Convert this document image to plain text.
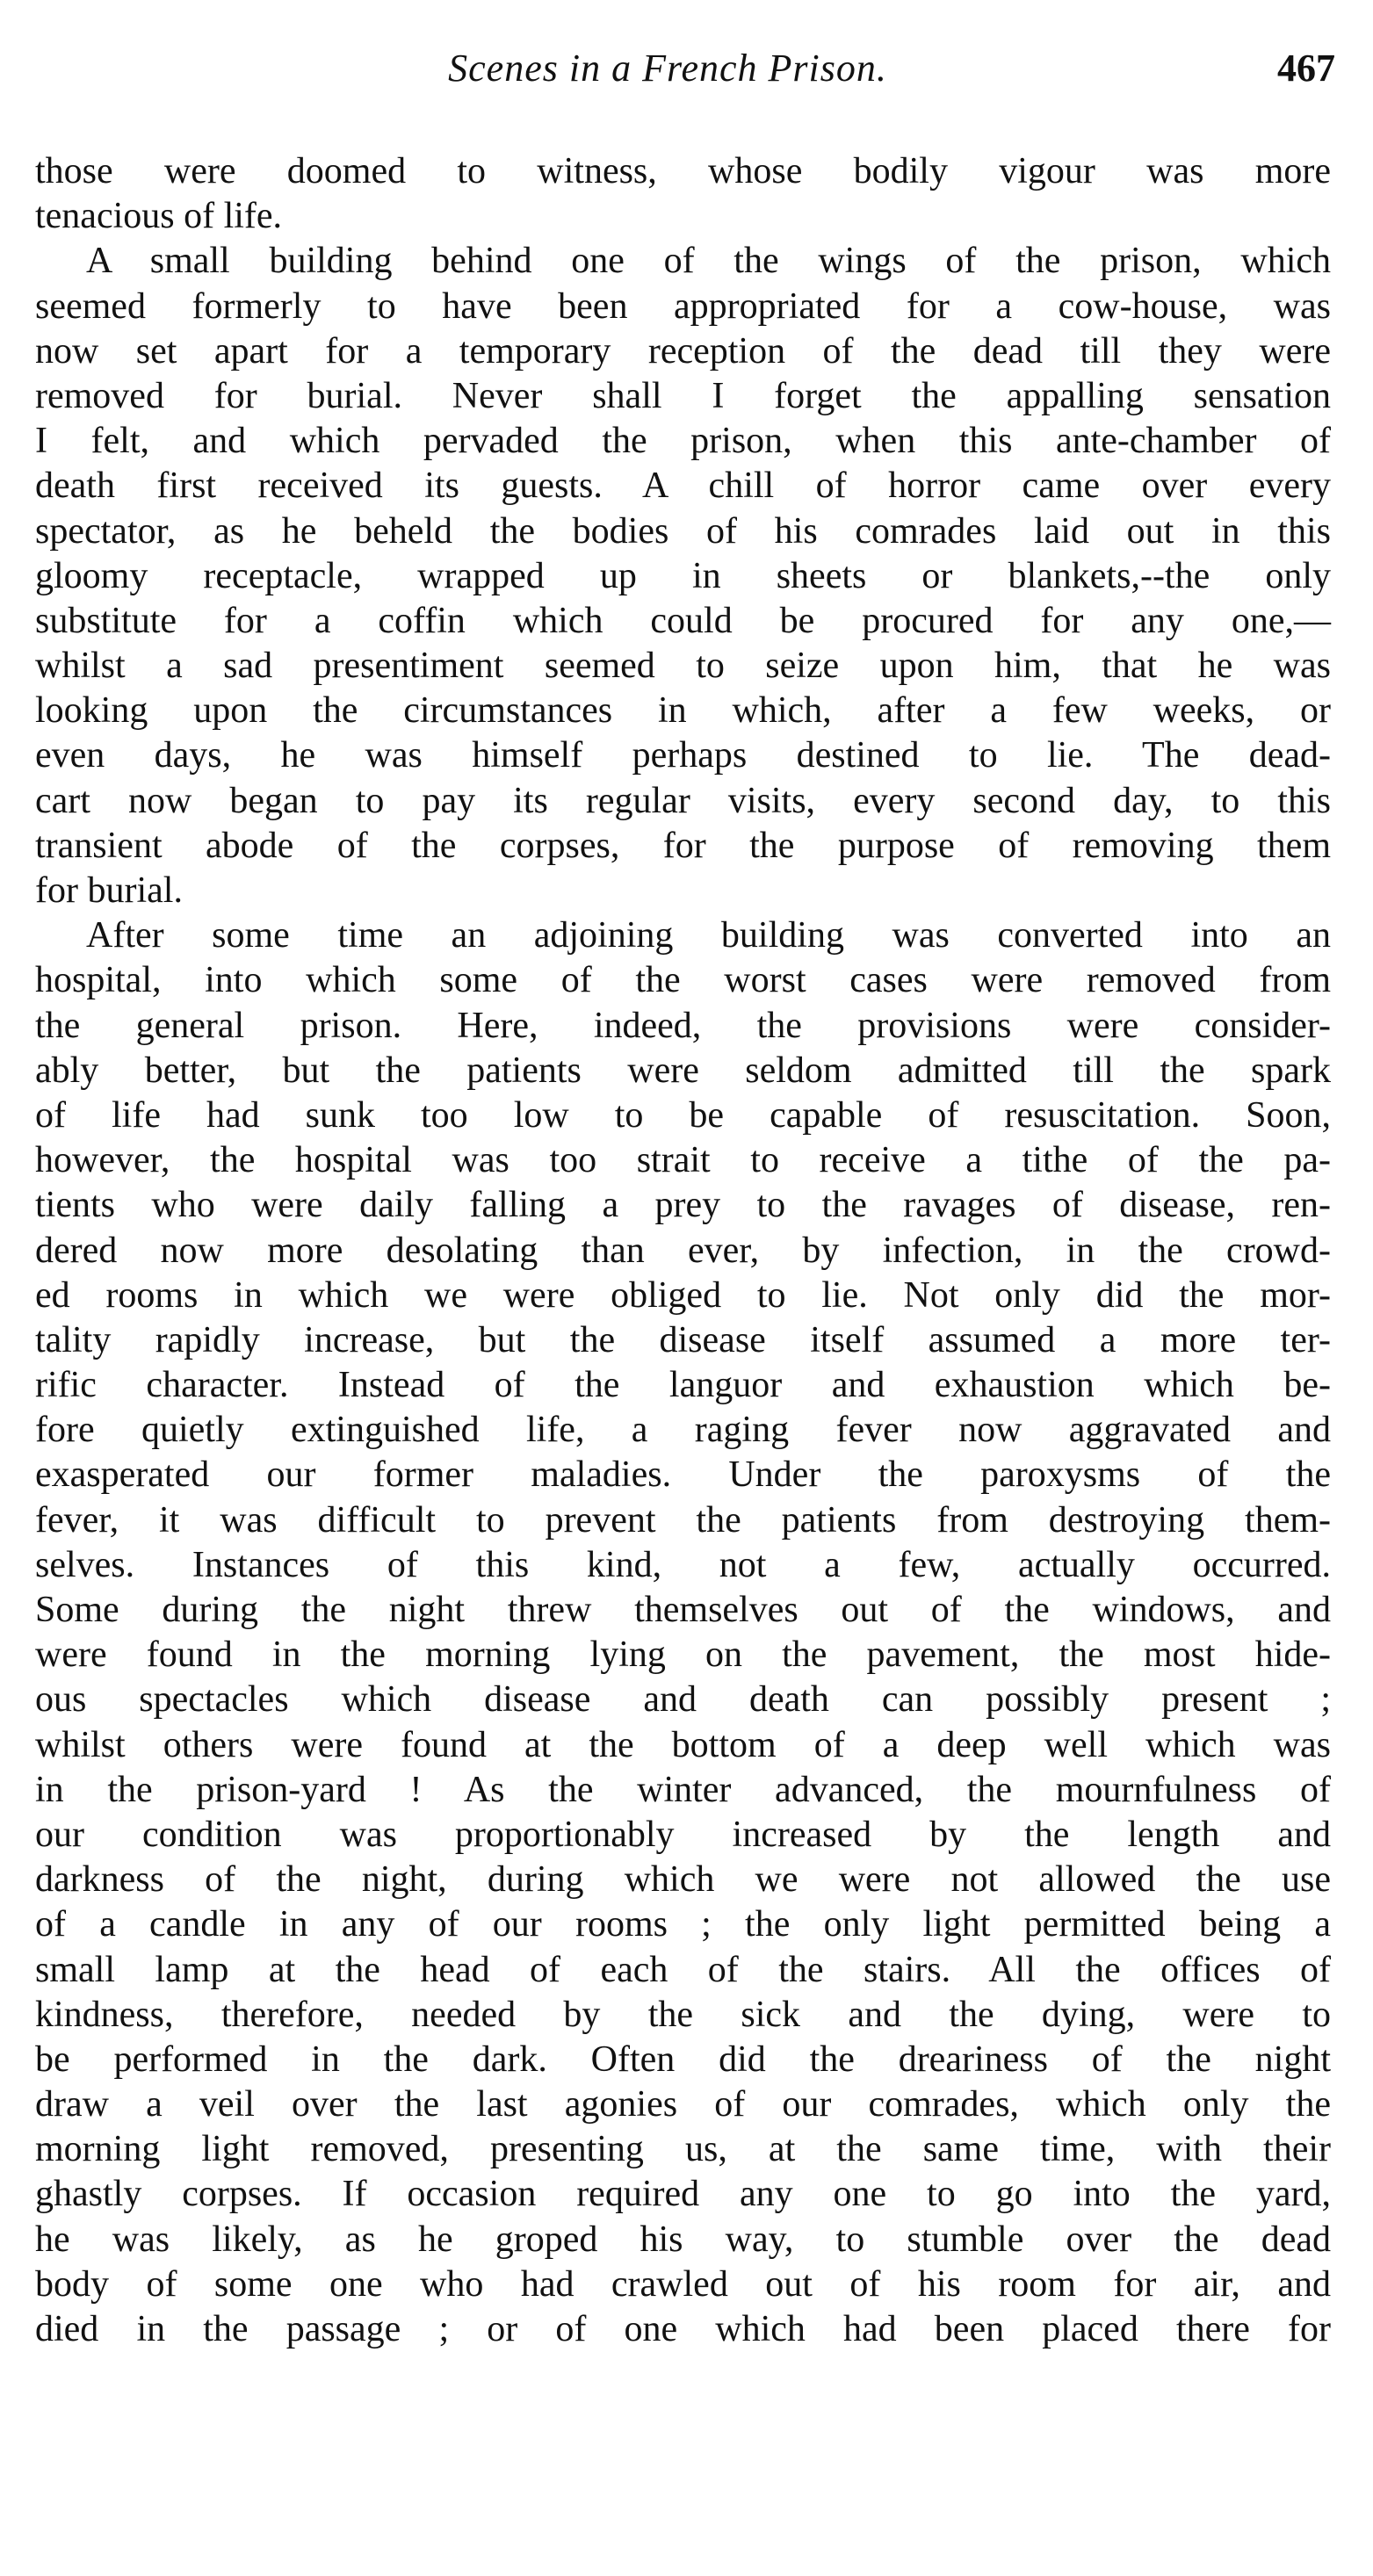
Scenes in a French Prison.	467
those were doomed to witness, whose bodily vigour was more
tenacious of life.
A small building behind one of the wings of the prison, which
seemed formerly to have been appropriated for a cow-house, was
now set apart for a temporary reception of the dead till they were
removed for burial. Never shall I forget the appalling sensation
I felt, and which pervaded the prison, when this ante-chamber of
death first received its guests. A chill of horror came over every
spectator, as he beheld the bodies of his comrades laid out in this
gloomy receptacle, wrapped up in sheets or blankets,--the only
substitute for a coffin which could be procured for any one,—
whilst a sad presentiment seemed to seize upon him, that he was
looking upon the circumstances in which, after a few weeks, or
even days, he was himself perhaps destined to lie. The dead-
cart now began to pay its regular visits, every second day, to this
transient abode of the corpses, for the purpose of removing them
for burial.
After some time an adjoining building was converted into an
hospital, into which some of the worst cases were removed from
the general prison. Here, indeed, the provisions were consider-
ably better, but the patients were seldom admitted till the spark
of life had sunk too low to be capable of resuscitation. Soon,
however, the hospital was too strait to receive a tithe of the pa-
tients who were daily falling a prey to the ravages of disease, ren-
dered now more desolating than ever, by infection, in the crowd-
ed rooms in which we were obliged to lie. Not only did the mor-
tality rapidly increase, but the disease itself assumed a more ter-
rific character. Instead of the languor and exhaustion which be-
fore quietly extinguished life, a raging fever now aggravated and
exasperated our former maladies. Under the paroxysms of the
fever, it was difficult to prevent the patients from destroying them-
selves. Instances of this kind, not a few, actually occurred.
Some during the night threw themselves out of the windows, and
were found in the morning lying on the pavement, the most hide-
ous spectacles which disease and death can possibly present ;
whilst others were found at the bottom of a deep well which was
in the prison-yard ! As the winter advanced, the mournfulness of
our condition was proportionably increased by the length and
darkness of the night, during which we were not allowed the use
of a candle in any of our rooms ; the only light permitted being a
small lamp at the head of each of the stairs. All the offices of
kindness, therefore, needed by the sick and the dying, were to
be performed in the dark. Often did the dreariness of the night
draw a veil over the last agonies of our comrades, which only the
morning light removed, presenting us, at the same time, with their
ghastly corpses. If occasion required any one to go into the yard,
he was likely, as he groped his way, to stumble over the dead
body of some one who had crawled out of his room for air, and
died in the passage ; or of one which had been placed there for
